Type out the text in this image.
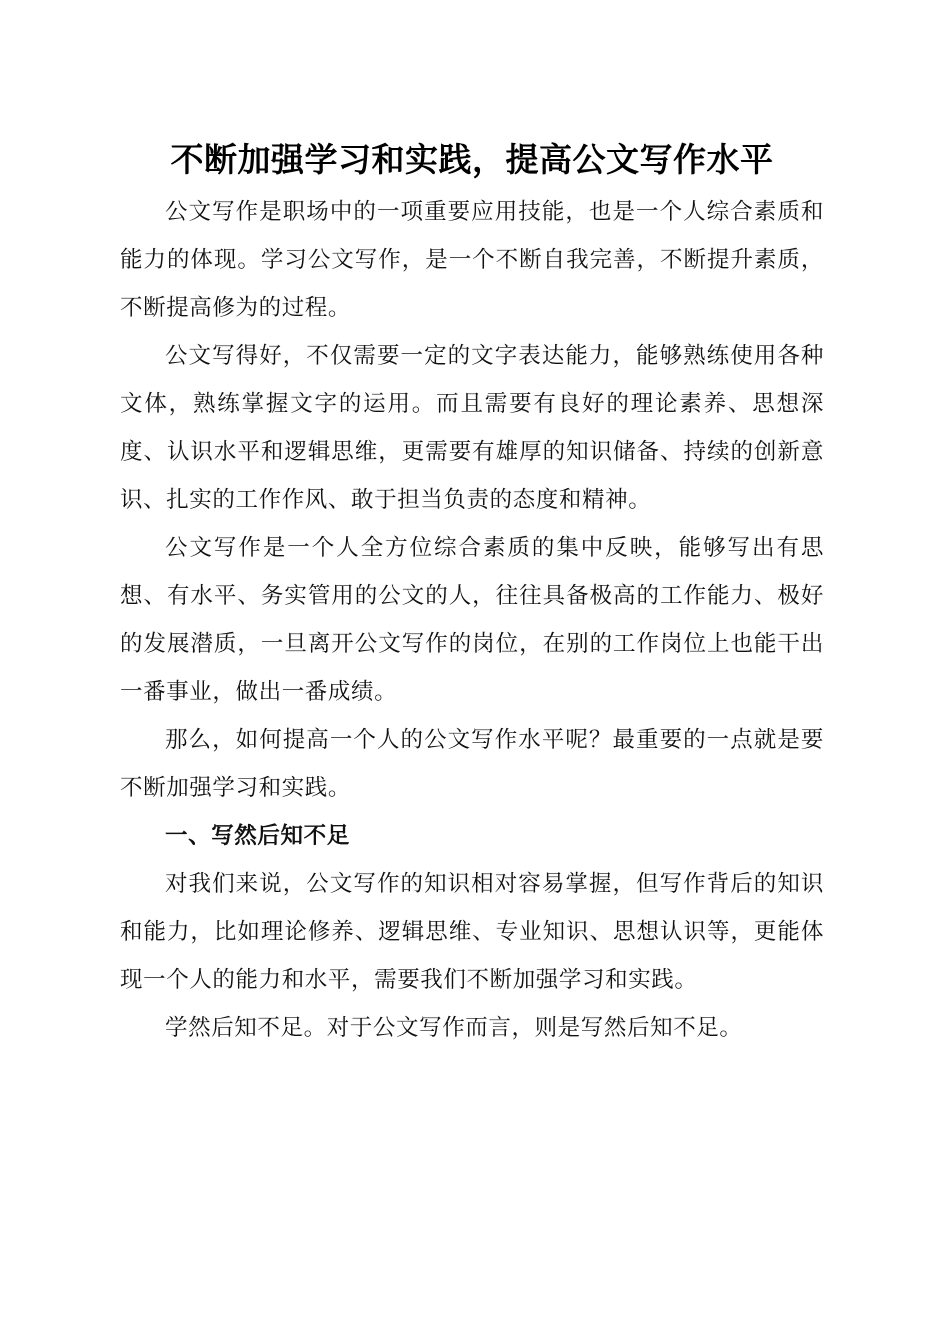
不断加强学习和实践，提高公文写作水平

公文写作是职场中的一项重要应用技能，也是一个人综合素质和能力的体现。学习公文写作，是一个不断自我完善，不断提升素质，不断提高修为的过程。

公文写得好，不仅需要一定的文字表达能力，能够熟练使用各种文体，熟练掌握文字的运用。而且需要有良好的理论素养、思想深度、认识水平和逻辑思维，更需要有雄厚的知识储备、持续的创新意识、扎实的工作作风、敢于担当负责的态度和精神。

公文写作是一个人全方位综合素质的集中反映，能够写出有思想、有水平、务实管用的公文的人，往往具备极高的工作能力、极好的发展潜质，一旦离开公文写作的岗位，在别的工作岗位上也能干出一番事业，做出一番成绩。

那么，如何提高一个人的公文写作水平呢？最重要的一点就是要不断加强学习和实践。

一、写然后知不足

对我们来说，公文写作的知识相对容易掌握，但写作背后的知识和能力，比如理论修养、逻辑思维、专业知识、思想认识等，更能体现一个人的能力和水平，需要我们不断加强学习和实践。

学然后知不足。对于公文写作而言，则是写然后知不足。
